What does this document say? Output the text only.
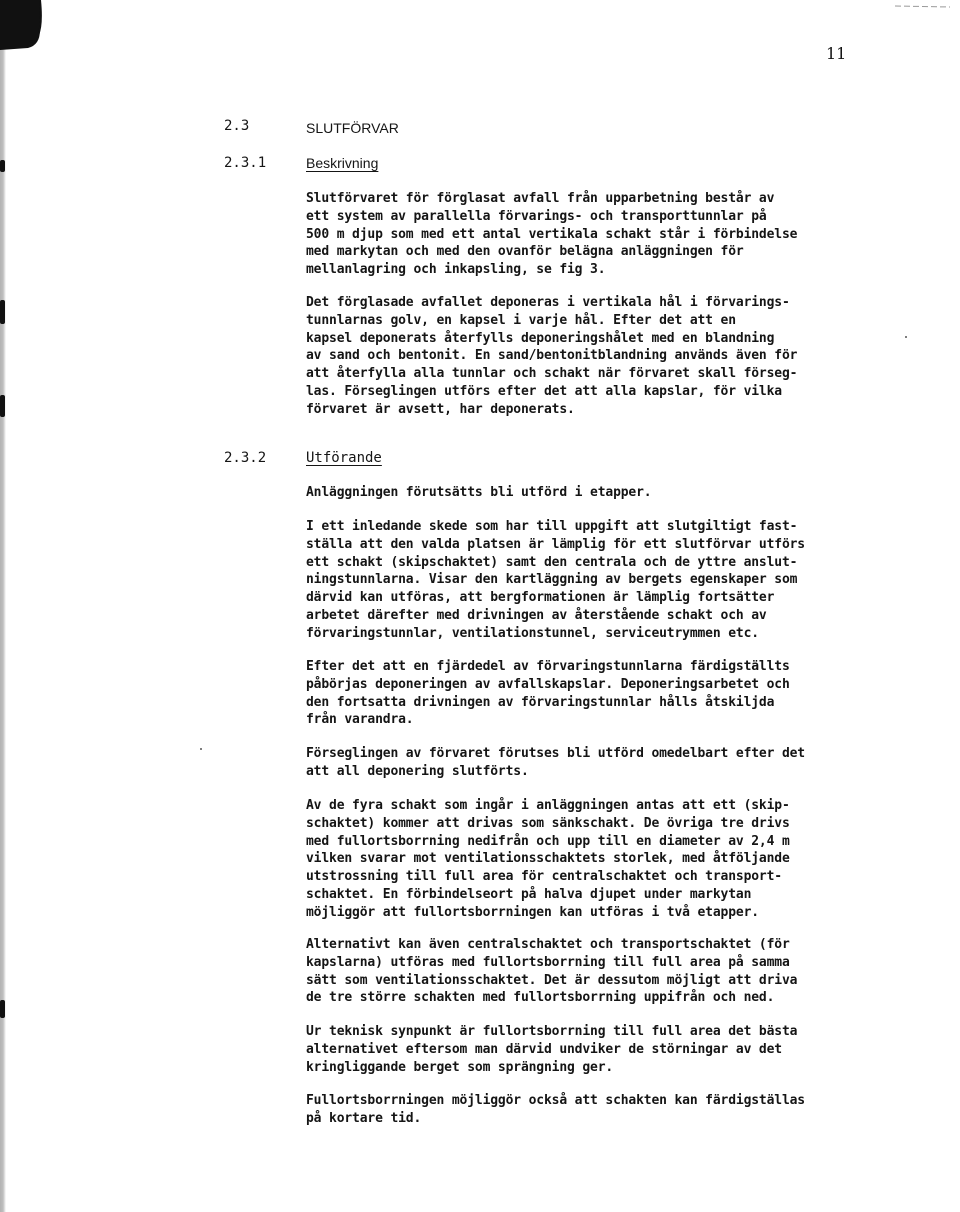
11
2.3	SLUTFÖRVAR
2.3.1	Beskrivning
Slutförvaret för förglasat avfall från upparbetning består av
ett system av parallella förvarings- och transporttunnlar på
500 m djup som med ett antal vertikala schakt står i förbindelse
med markytan och med den ovanför belägna anläggningen för
mellanlagring och inkapsling, se fig 3.
Det förglasade avfallet deponeras i vertikala hål i förvarings-
tunnlarnas golv, en kapsel i varje hål. Efter det att en
kapsel deponerats återfylls deponeringshålet med en blandning
av sand och bentonit. En sand/bentonitblandning används även för
att återfylla alla tunnlar och schakt när förvaret skall förseg-
las. Förseglingen utförs efter det att alla kapslar, för vilka
förvaret är avsett, har deponerats.
2.3.2	Utförande
Anläggningen förutsätts bli utförd i etapper.
I ett inledande skede som har till uppgift att slutgiltigt fast-
ställa att den valda platsen är lämplig för ett slutförvar utförs
ett schakt (skipschaktet) samt den centrala och de yttre anslut-
ningstunnlarna. Visar den kartläggning av bergets egenskaper som
därvid kan utföras, att bergformationen är lämplig fortsätter
arbetet därefter med drivningen av återstående schakt och av
förvaringstunnlar, ventilationstunnel, serviceutrymmen etc.
Efter det att en fjärdedel av förvaringstunnlarna färdigställts
påbörjas deponeringen av avfallskapslar. Deponeringsarbetet och
den fortsatta drivningen av förvaringstunnlar hålls åtskiljda
från varandra.
Förseglingen av förvaret förutses bli utförd omedelbart efter det
att all deponering slutförts.
Av de fyra schakt som ingår i anläggningen antas att ett (skip-
schaktet) kommer att drivas som sänkschakt. De övriga tre drivs
med fullortsborrning nedifrån och upp till en diameter av 2,4 m
vilken svarar mot ventilationsschaktets storlek, med åtföljande
utstrossning till full area för centralschaktet och transport-
schaktet. En förbindelseort på halva djupet under markytan
möjliggör att fullortsborrningen kan utföras i två etapper.
Alternativt kan även centralschaktet och transportschaktet (för
kapslarna) utföras med fullortsborrning till full area på samma
sätt som ventilationsschaktet. Det är dessutom möjligt att driva
de tre större schakten med fullortsborrning uppifrån och ned.
Ur teknisk synpunkt är fullortsborrning till full area det bästa
alternativet eftersom man därvid undviker de störningar av det
kringliggande berget som sprängning ger.
Fullortsborrningen möjliggör också att schakten kan färdigställas
på kortare tid.
